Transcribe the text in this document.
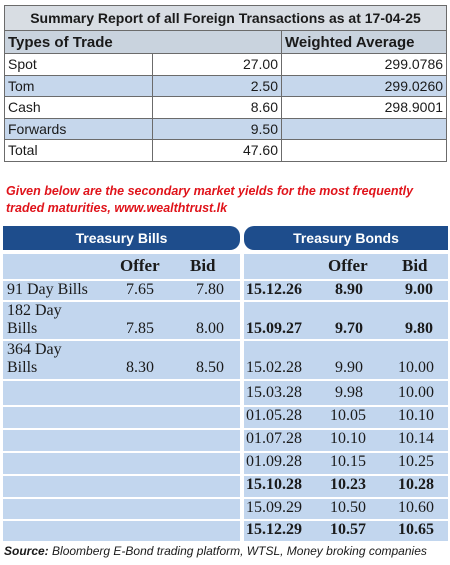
Summary Report of all Foreign Transactions as at 17-04-25		
Types of Trade		Weighted Average
Spot	27.00	299.0786
Tom	2.50	299.0260
Cash	8.60	298.9001
Forwards	9.50	
Total	47.60	
Given below are the secondary market yields for the most frequently
traded maturities, www.wealthtrust.lk
Treasury Bills	Treasury Bonds
Offer Bid	Offer Bid
91 Day Bills 7.65	7.80
182 Day
Bills	7.85	8.00
364 Day
Bills	8.30	8.50
15.12.26 8.90	9.00
15.09.27 9.70	9.80
15.02.28 9.90 10.00
15.03.28 9.98 10.00
01.05.28 10.05 10.10
01.07.28 10.10 10.14
01.09.28 10.15 10.25
15.10.28 10.23 10.28
15.09.29 10.50 10.60
15.12.29 10.57 10.65
Source: Bloomberg E-Bond trading platform, WTSL, Money broking companies
